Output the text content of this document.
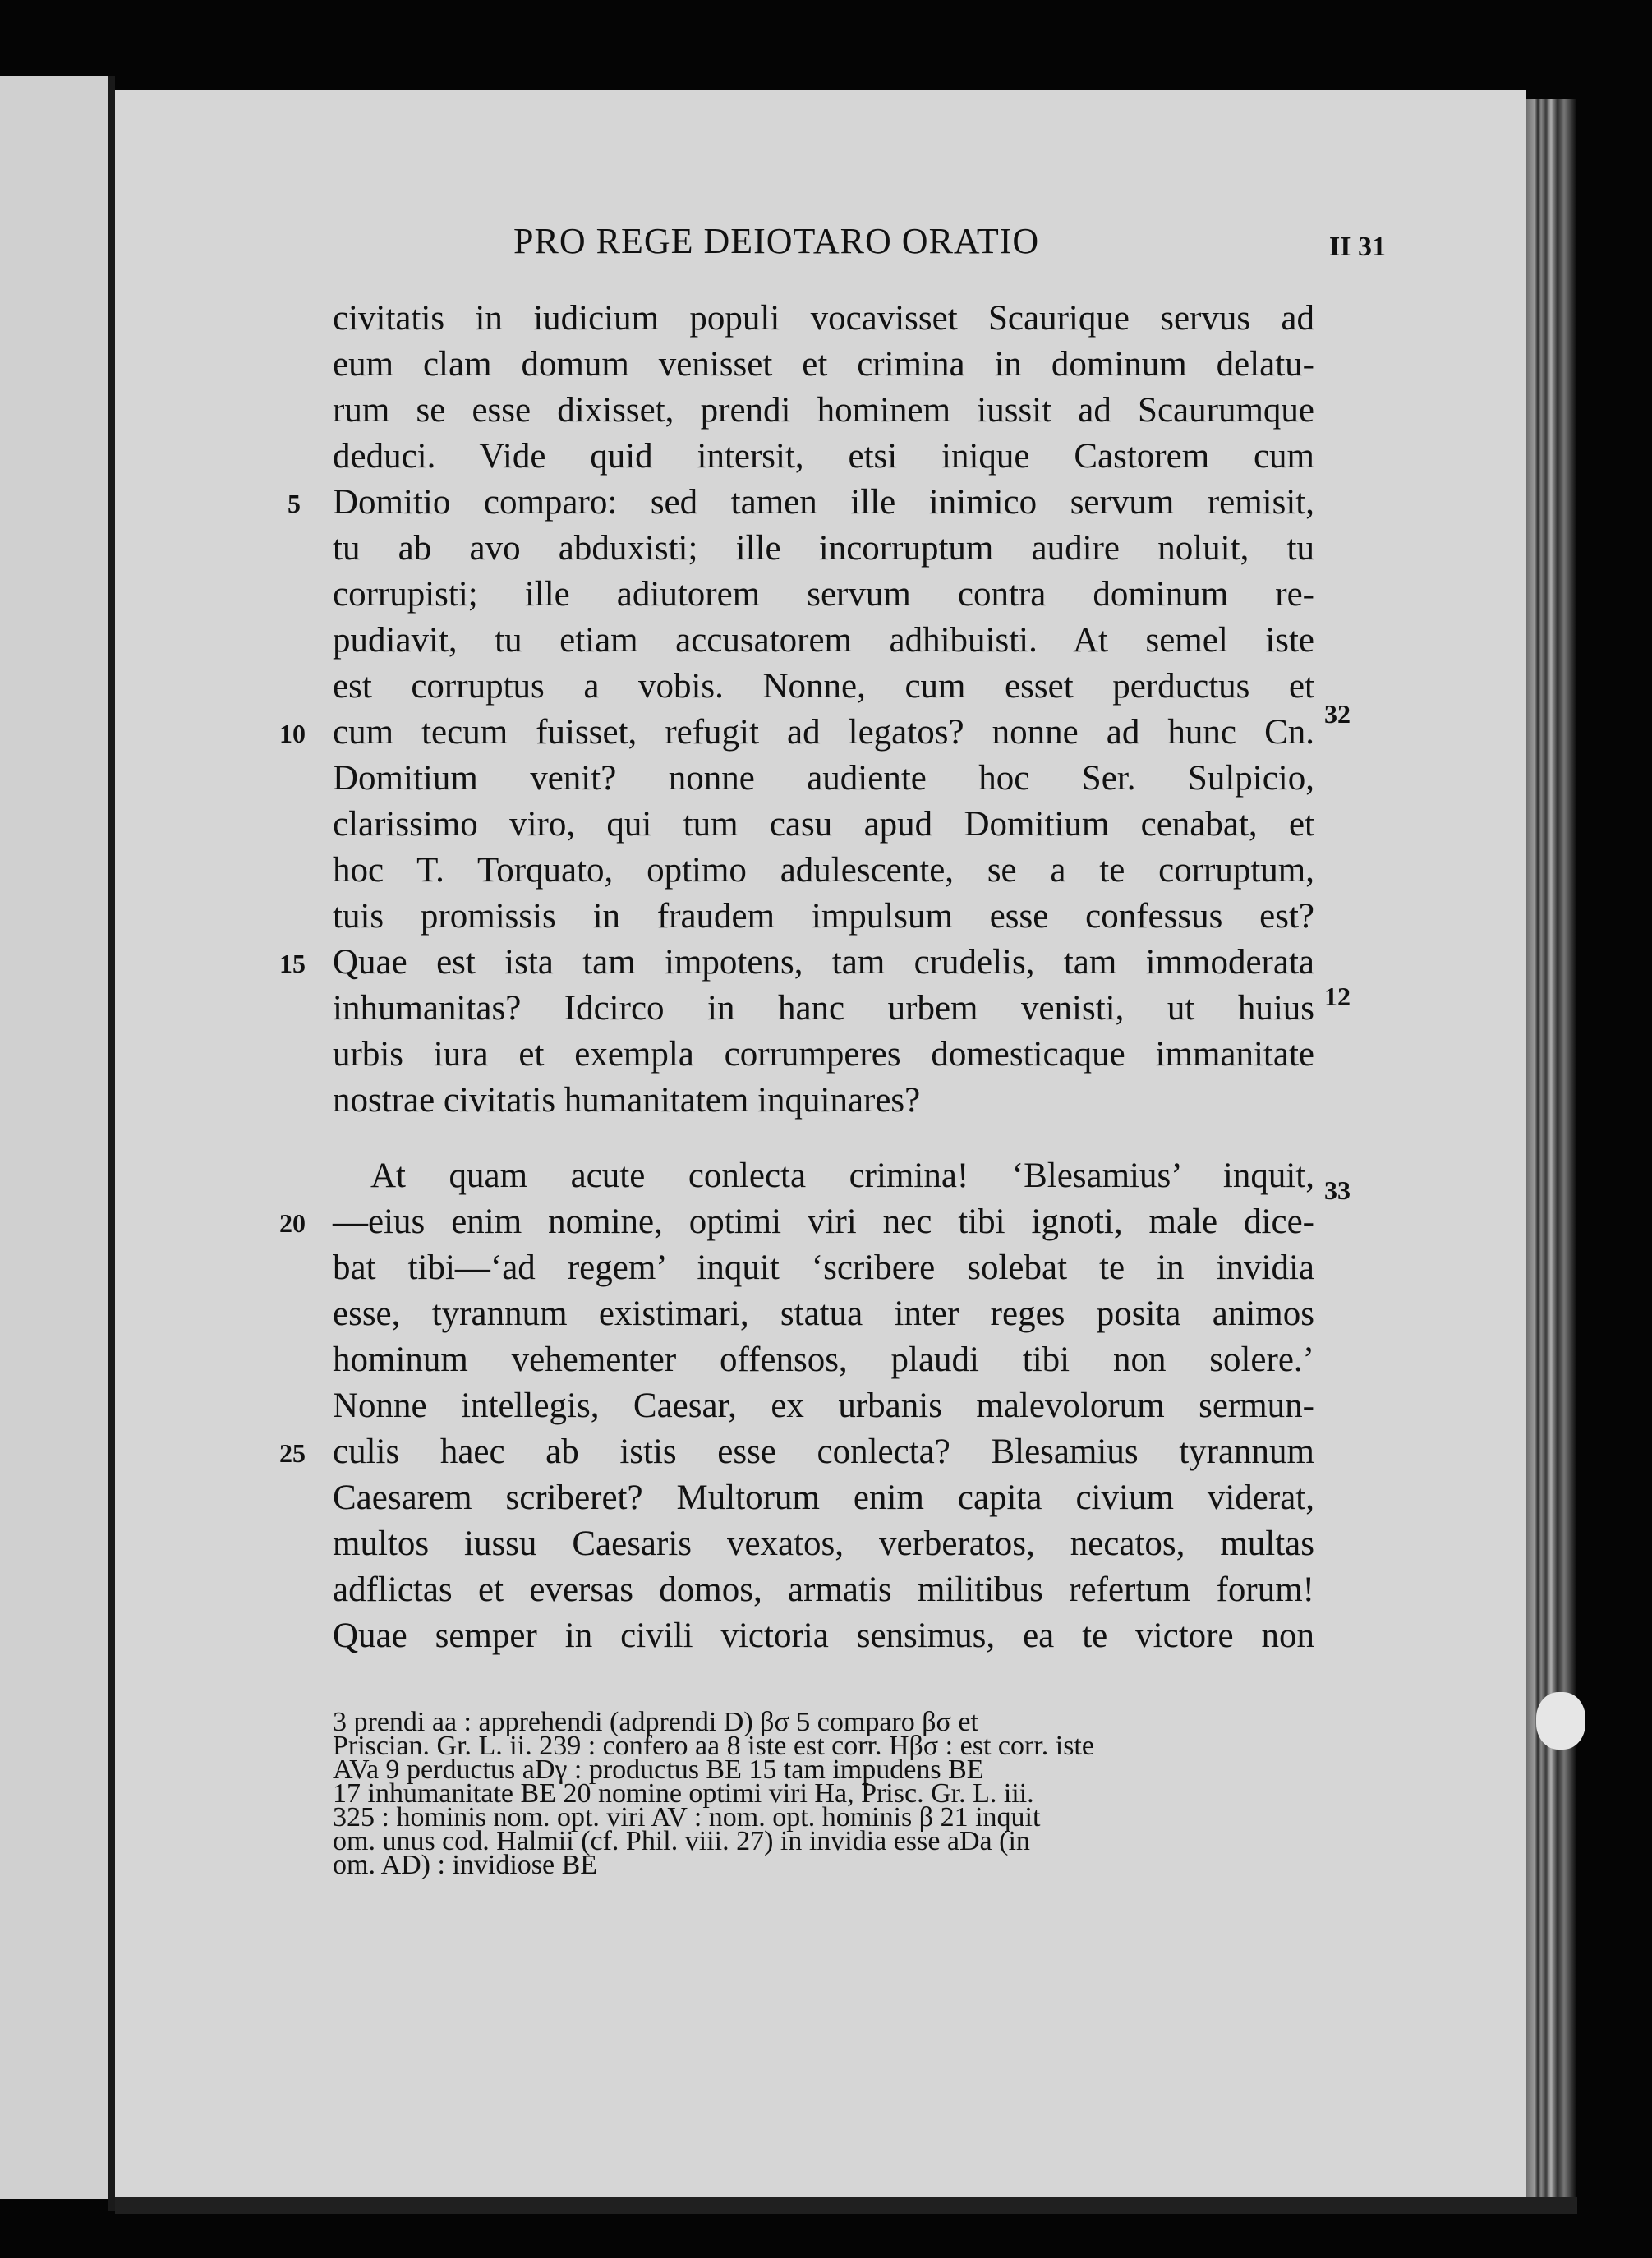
PRO REGE DEIOTARO ORATIO	II 31
civitatis in iudicium populi vocavisset Scaurique servus ad
eum clam domum venisset et crimina in dominum delatu-
rum se esse dixisset, prendi hominem iussit ad Scaurumque
deduci. Vide quid intersit, etsi inique Castorem cum
Domitio comparo: sed tamen ille inimico servum remisit,
tu ab avo abduxisti; ille incorruptum audire noluit, tu
corrupisti; ille adiutorem servum contra dominum re-
pudiavit, tu etiam accusatorem adhibuisti. At semel iste
est corruptus a vobis. Nonne, cum esset perductus et
cum tecum fuisset, refugit ad legatos? nonne ad hunc Cn.
Domitium venit? nonne audiente hoc Ser. Sulpicio,
clarissimo viro, qui tum casu apud Domitium cenabat, et
hoc T. Torquato, optimo adulescente, se a te corruptum,
tuis promissis in fraudem impulsum esse confessus est?
Quae est ista tam impotens, tam crudelis, tam immoderata
inhumanitas? Idcirco in hanc urbem venisti, ut huius
urbis iura et exempla corrumperes domesticaque immanitate
nostrae civitatis humanitatem inquinares?
At quam acute conlecta crimina! ‘Blesamius’ inquit,
—eius enim nomine, optimi viri nec tibi ignoti, male dice-
bat tibi—‘ad regem’ inquit ‘scribere solebat te in invidia
esse, tyrannum existimari, statua inter reges posita animos
hominum vehementer offensos, plaudi tibi non solere.’
Nonne intellegis, Caesar, ex urbanis malevolorum sermun-
culis haec ab istis esse conlecta? Blesamius tyrannum
Caesarem scriberet? Multorum enim capita civium viderat,
multos iussu Caesaris vexatos, verberatos, necatos, multas
adflictas et eversas domos, armatis militibus refertum forum!
Quae semper in civili victoria sensimus, ea te victore non
5
10
15
20
25
32
12
33
3 prendi aa : apprehendi (adprendi D) βσ 5 comparo βσ et
Priscian. Gr. L. ii. 239 : confero aa 8 iste est corr. Hβσ : est corr. iste
AVa 9 perductus aDγ : productus BE 15 tam impudens BE
17 inhumanitate BE 20 nomine optimi viri Ha, Prisc. Gr. L. iii.
325 : hominis nom. opt. viri AV : nom. opt. hominis β 21 inquit
om. unus cod. Halmii (cf. Phil. viii. 27) in invidia esse aDa (in
om. AD) : invidiose BE
